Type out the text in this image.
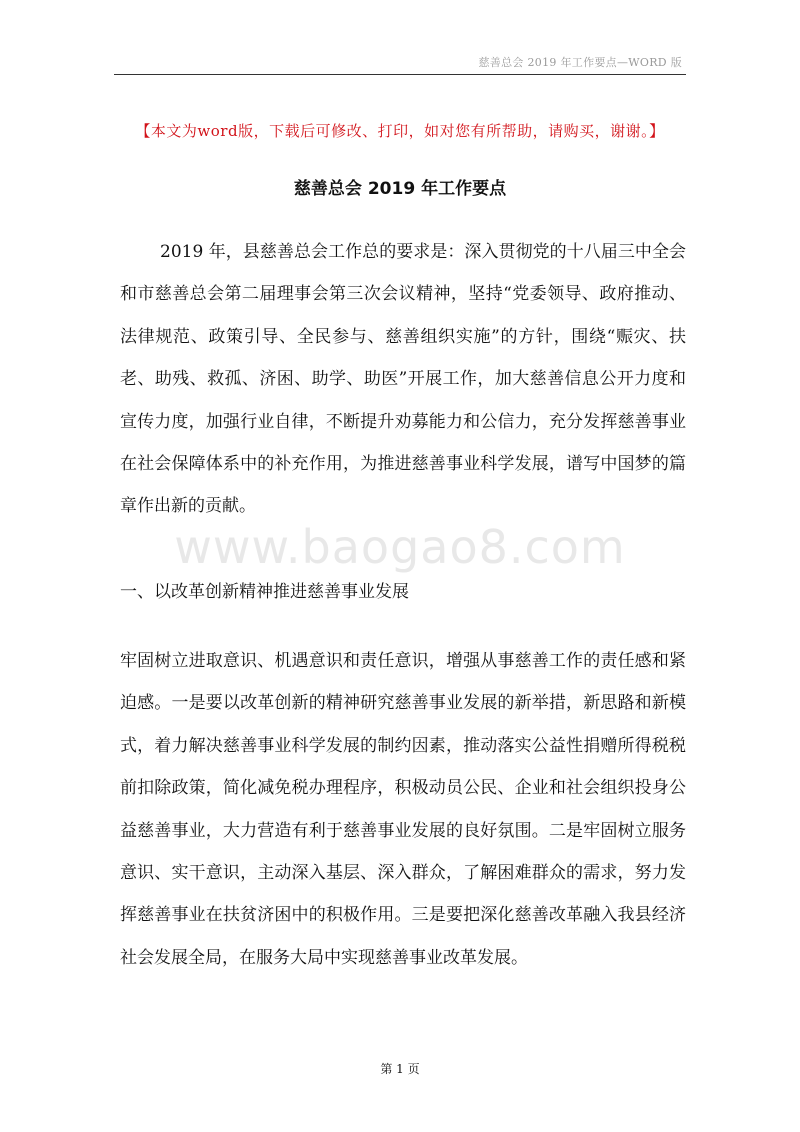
慈善总会 2019 年工作要点—WORD 版
【本文为word版，下载后可修改、打印，如对您有所帮助，请购买，谢谢。】
慈善总会 2019 年工作要点

2019 年，县慈善总会工作总的要求是：深入贯彻党的十八届三中全会和市慈善总会第二届理事会第三次会议精神，坚持“党委领导、政府推动、法律规范、政策引导、全民参与、慈善组织实施”的方针，围绕“赈灾、扶老、助残、救孤、济困、助学、助医”开展工作，加大慈善信息公开力度和宣传力度，加强行业自律，不断提升劝募能力和公信力，充分发挥慈善事业在社会保障体系中的补充作用，为推进慈善事业科学发展，谱写中国梦的篇章作出新的贡献。

www.baogao8.com
一、以改革创新精神推进慈善事业发展

牢固树立进取意识、机遇意识和责任意识，增强从事慈善工作的责任感和紧迫感。一是要以改革创新的精神研究慈善事业发展的新举措，新思路和新模式，着力解决慈善事业科学发展的制约因素，推动落实公益性捐赠所得税税前扣除政策，简化减免税办理程序，积极动员公民、企业和社会组织投身公益慈善事业，大力营造有利于慈善事业发展的良好氛围。二是牢固树立服务意识、实干意识，主动深入基层、深入群众，了解困难群众的需求，努力发挥慈善事业在扶贫济困中的积极作用。三是要把深化慈善改革融入我县经济社会发展全局，在服务大局中实现慈善事业改革发展。

第 1 页
